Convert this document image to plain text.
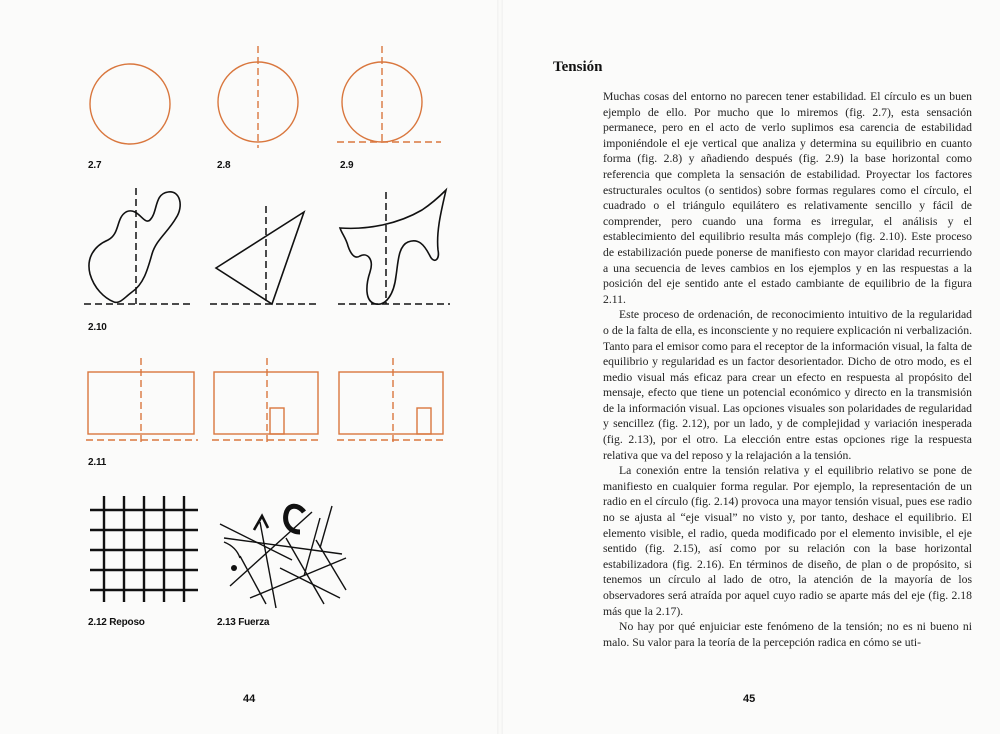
2.7	2.8	2.9
2.10
2.11
2.12 Reposo	2.13 Fuerza
44
Tensión

Muchas cosas del entorno no parecen tener estabilidad. El círculo es un buen ejemplo de ello. Por mucho que lo miremos (fig. 2.7), esta sensación permanece, pero en el acto de verlo suplimos esa carencia de estabilidad imponiéndole el eje vertical que analiza y determina su equilibrio en cuanto forma (fig. 2.8) y añadiendo después (fig. 2.9) la base horizontal como referencia que completa la sensación de estabilidad. Proyectar los factores estructurales ocultos (o sentidos) sobre formas regulares como el círculo, el cuadrado o el triángulo equilátero es relativamente sencillo y fácil de comprender, pero cuando una forma es irregular, el análisis y el establecimiento del equilibrio resulta más complejo (fig. 2.10). Este proceso de estabilización puede ponerse de manifiesto con mayor claridad recurriendo a una secuencia de leves cambios en los ejemplos y en las respuestas a la posición del eje sentido ante el estado cambiante de equilibrio de la figura 2.11.

Este proceso de ordenación, de reconocimiento intuitivo de la regularidad o de la falta de ella, es inconsciente y no requiere explicación ni verbalización. Tanto para el emisor como para el receptor de la información visual, la falta de equilibrio y regularidad es un factor desorientador. Dicho de otro modo, es el medio visual más eficaz para crear un efecto en respuesta al propósito del mensaje, efecto que tiene un potencial económico y directo en la transmisión de la información visual. Las opciones visuales son polaridades de regularidad y sencillez (fig. 2.12), por un lado, y de complejidad y variación inesperada (fig. 2.13), por el otro. La elección entre estas opciones rige la respuesta relativa que va del reposo y la relajación a la tensión.

La conexión entre la tensión relativa y el equilibrio relativo se pone de manifiesto en cualquier forma regular. Por ejemplo, la representación de un radio en el círculo (fig. 2.14) provoca una mayor tensión visual, pues ese radio no se ajusta al “eje visual” no visto y, por tanto, deshace el equilibrio. El elemento visible, el radio, queda modificado por el elemento invisible, el eje sentido (fig. 2.15), así como por su relación con la base horizontal estabilizadora (fig. 2.16). En términos de diseño, de plan o de propósito, si tenemos un círculo al lado de otro, la atención de la mayoría de los observadores será atraída por aquel cuyo radio se aparte más del eje (fig. 2.18 más que la 2.17).

No hay por qué enjuiciar este fenómeno de la tensión; no es ni bueno ni malo. Su valor para la teoría de la percepción radica en cómo se uti-

45
